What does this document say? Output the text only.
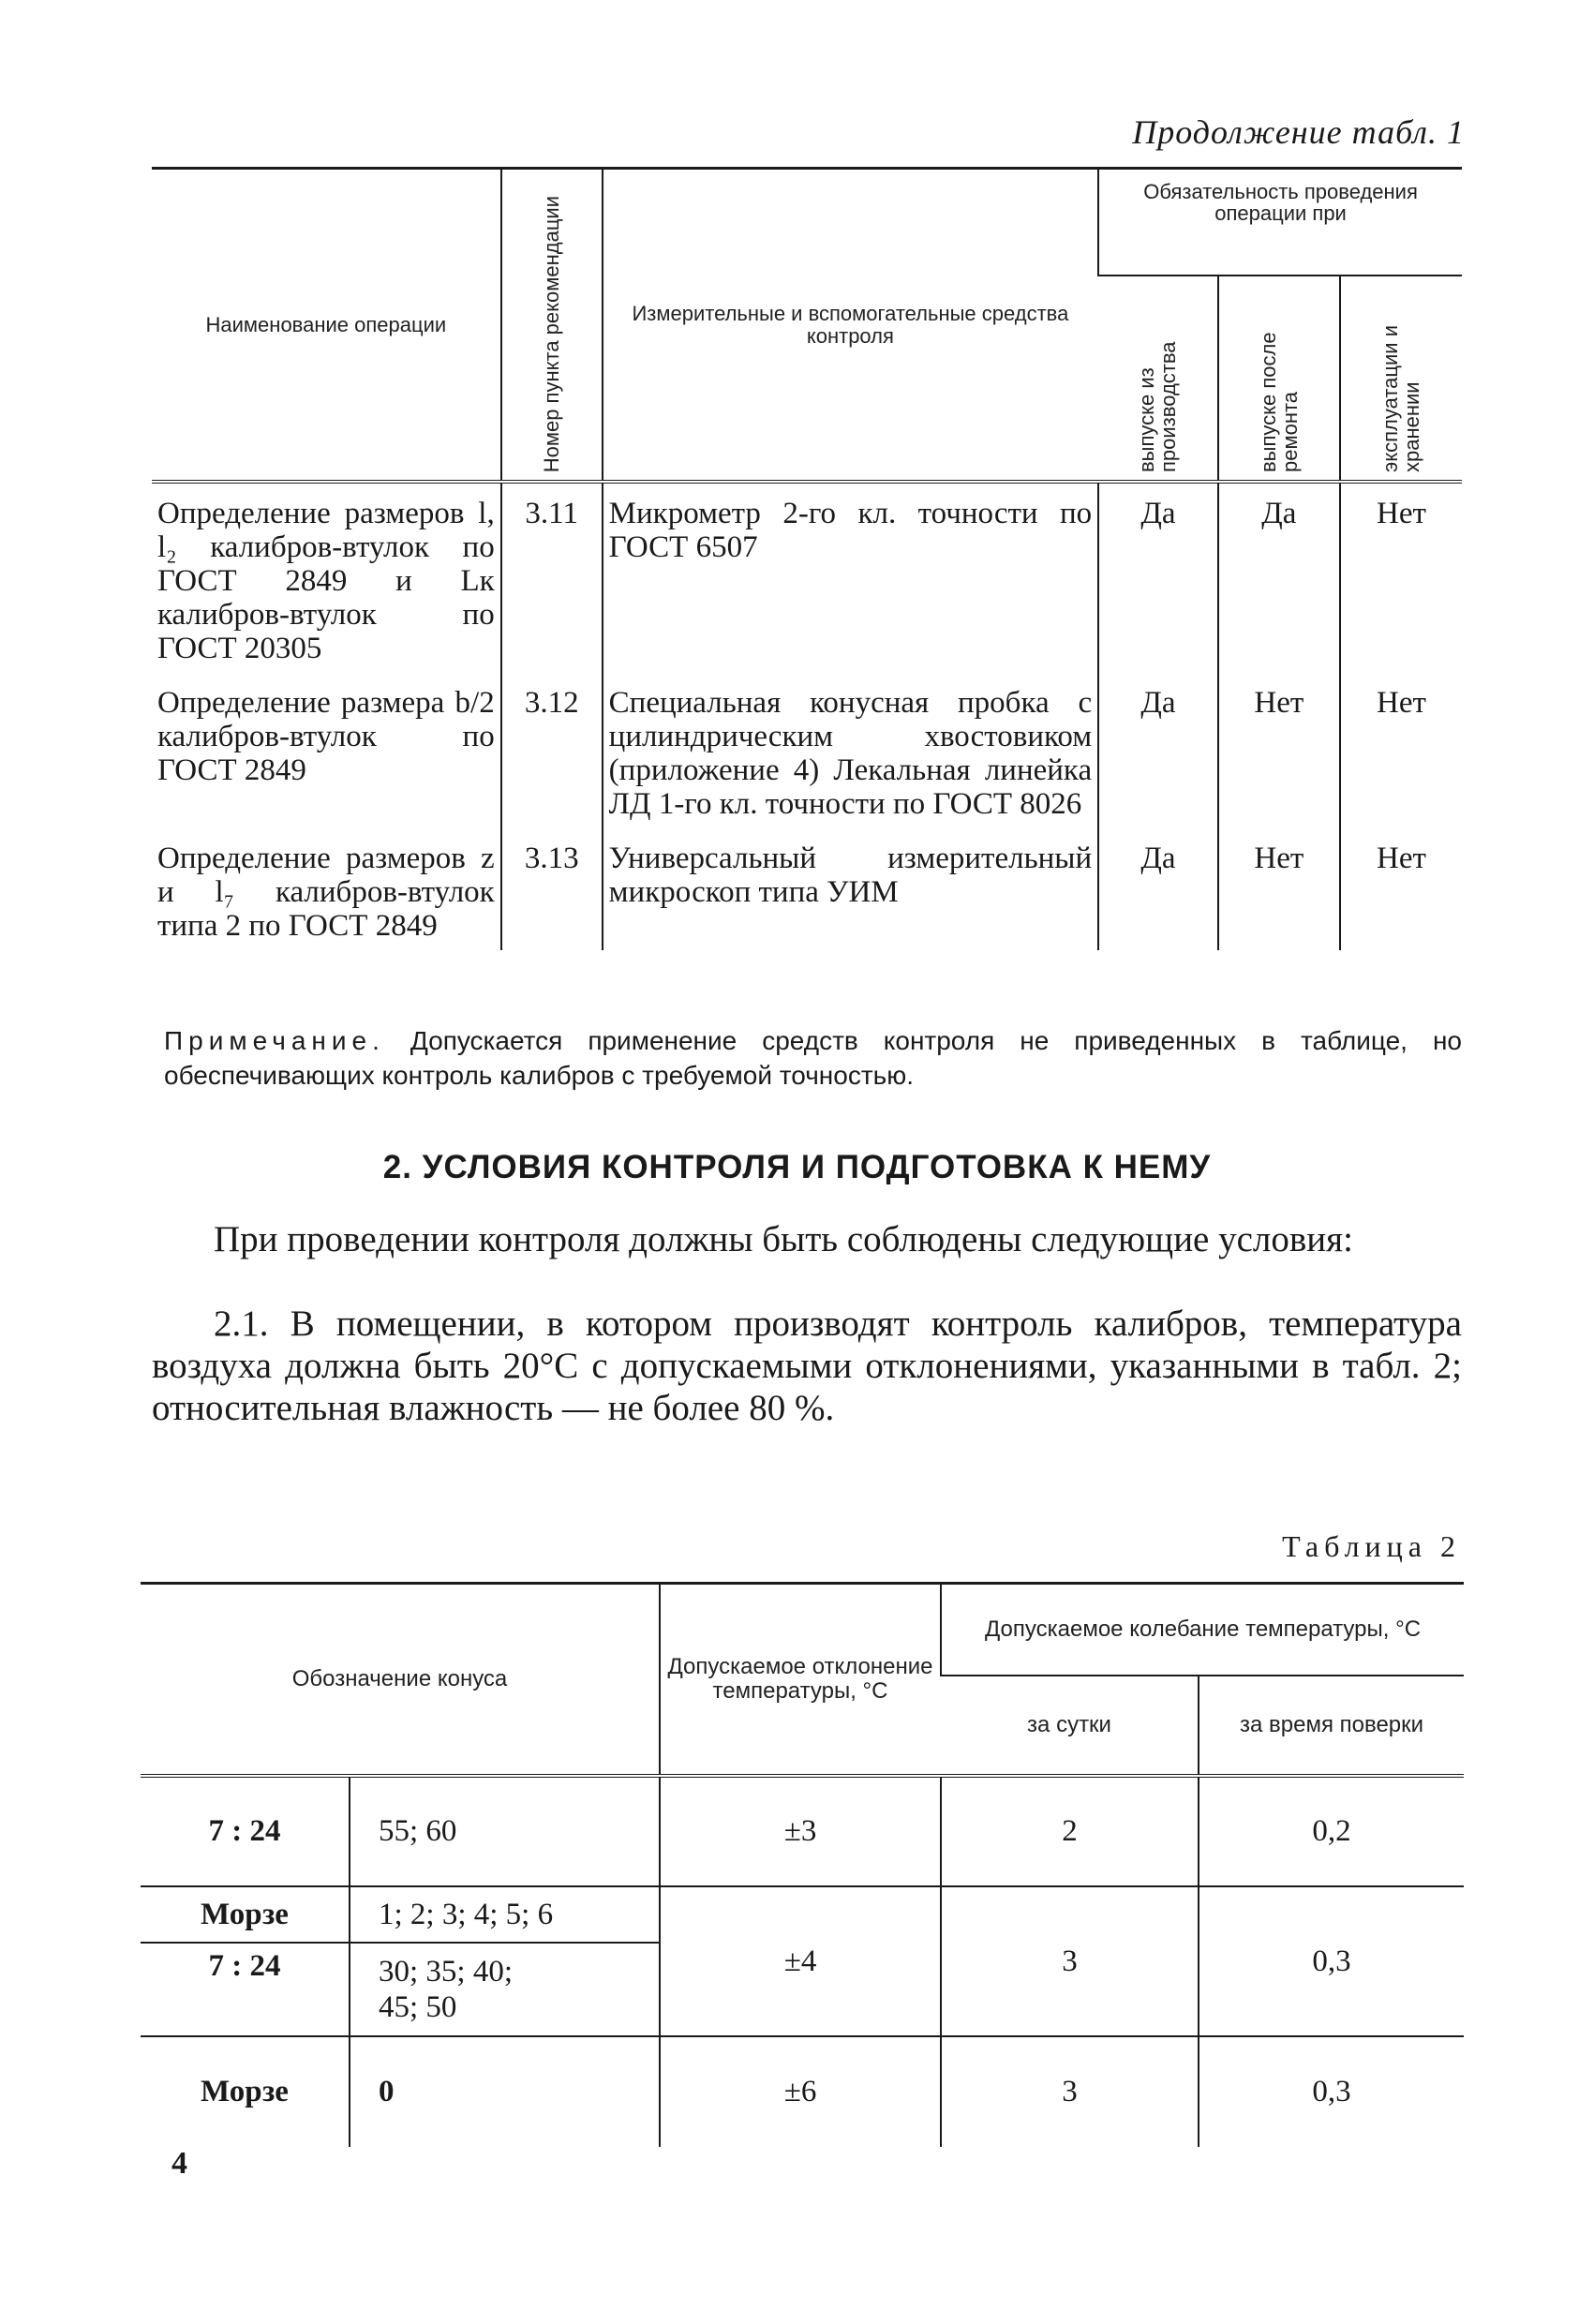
Продолжение табл. 1
Наименование операции	Номер пункта рекомендации	Измерительные и вспомогательные средства контроля	Обязательность проведения операции при		
			выпуске из производства	выпуске после ремонта	эксплуатации и хранении
Определение размеров l, l₂ калибров-втулок по ГОСТ 2849 и Lк калибров-втулок по ГОСТ 20305	3.11	Микрометр 2-го кл. точности по ГОСТ 6507	Да	Да	Нет
Определение размера b/2 калибров-втулок по ГОСТ 2849	3.12	Специальная конусная пробка с цилиндрическим хвостовиком (приложение 4) Лекальная линейка ЛД 1-го кл. точности по ГОСТ 8026	Да	Нет	Нет
Определение размеров z и l₇ калибров-втулок типа 2 по ГОСТ 2849	3.13	Универсальный измерительный микроскоп типа УИМ	Да	Нет	Нет
Примечание. Допускается применение средств контроля не приведенных в таблице, но обеспечивающих контроль калибров с требуемой точностью.
2. УСЛОВИЯ КОНТРОЛЯ И ПОДГОТОВКА К НЕМУ

При проведении контроля должны быть соблюдены следующие условия:

2.1. В помещении, в котором производят контроль калибров, температура воздуха должна быть 20°С с допускаемыми отклонениями, указанными в табл. 2; относительная влажность — не более 80 %.

Таблица 2
Обозначение конуса		Допускаемое отклонение температуры, °С	Допускаемое колебание температуры, °С	
			за сутки	за время поверки
7 : 24	55; 60	±3	2	0,2
Морзе	1; 2; 3; 4; 5; 6	±4	3	0,3
7 : 24	30; 35; 40; 45; 50			
Морзе	0	±6	3	0,3
4
